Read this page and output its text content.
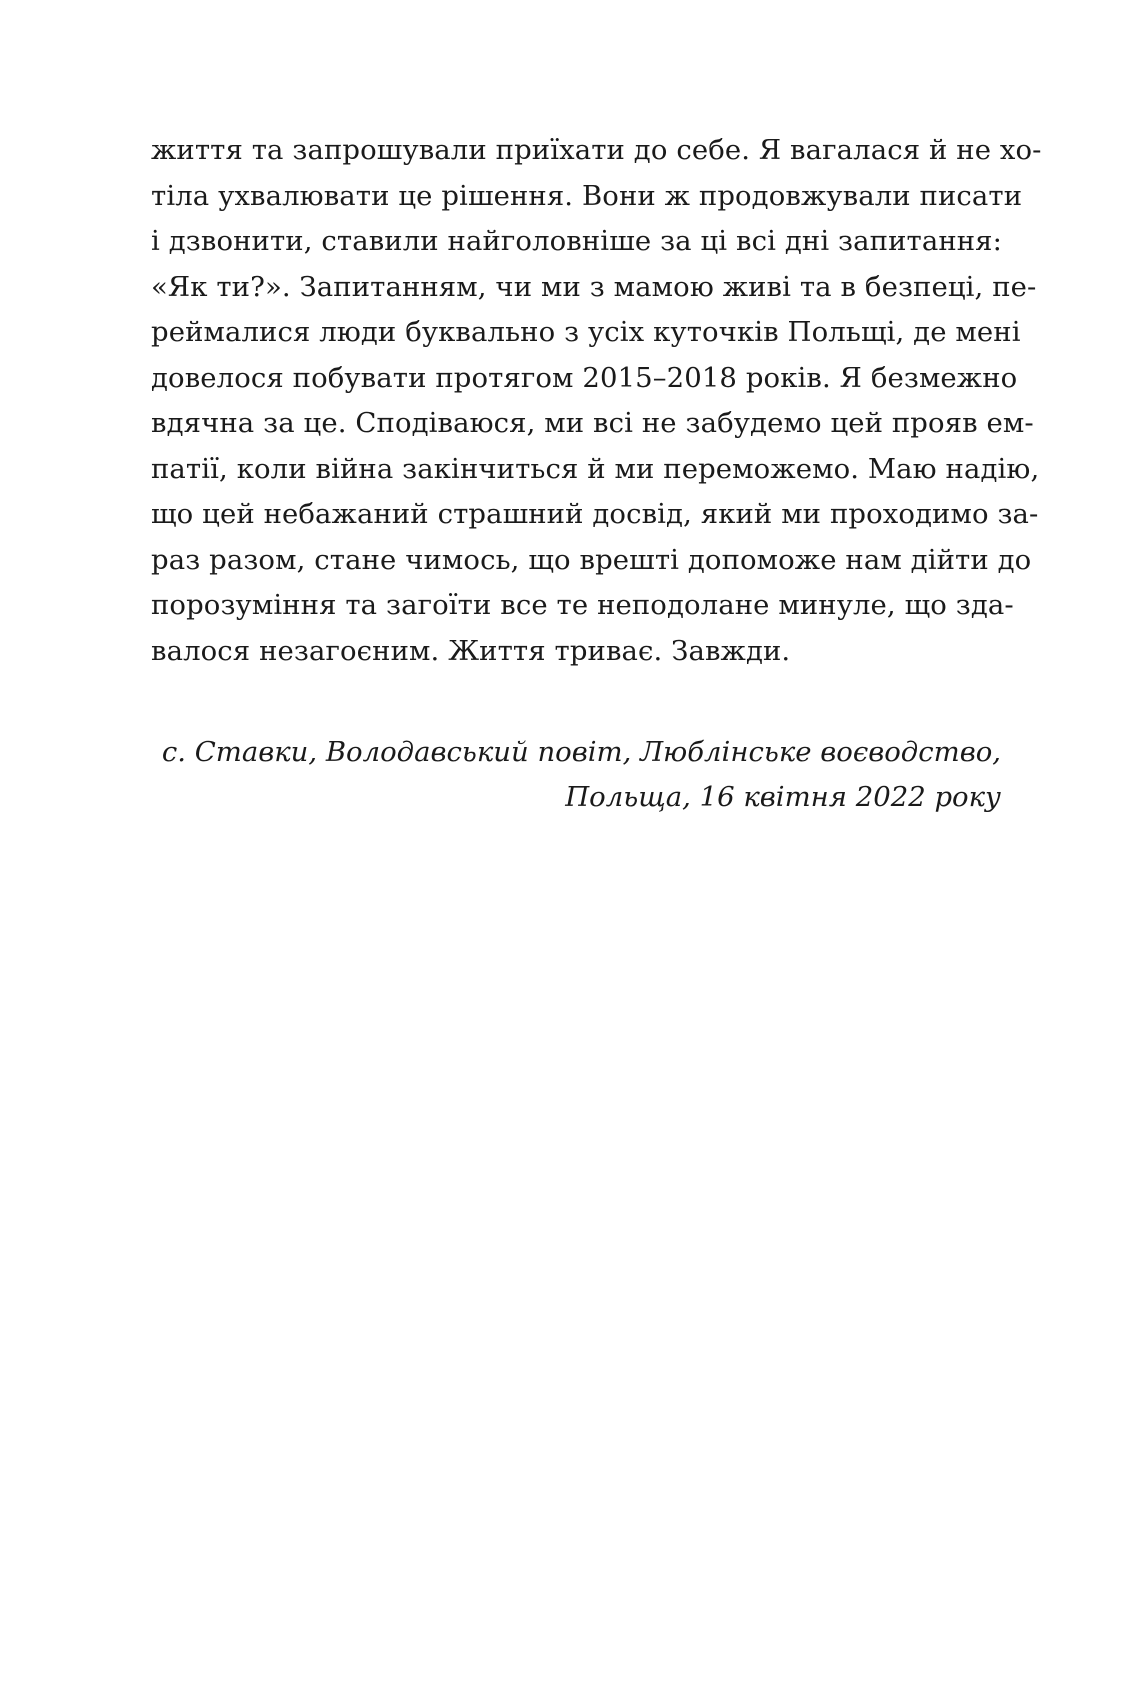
життя та запрошували приїхати до себе. Я вагалася й не хо-
тіла ухвалювати це рішення. Вони ж продовжували писати
і дзвонити, ставили найголовніше за ці всі дні запитання:
«Як ти?». Запитанням, чи ми з мамою живі та в безпеці, пе-
реймалися люди буквально з усіх куточків Польщі, де мені
довелося побувати протягом 2015–2018 років. Я безмежно
вдячна за це. Сподіваюся, ми всі не забудемо цей прояв ем-
патії, коли війна закінчиться й ми переможемо. Маю надію,
що цей небажаний страшний досвід, який ми проходимо за-
раз разом, стане чимось, що врешті допоможе нам дійти до
порозуміння та загоїти все те неподолане минуле, що зда-
валося незагоєним. Життя триває. Завжди.
с. Ставки, Володавський повіт, Люблінське воєводство,
Польща, 16 квітня 2022 року
